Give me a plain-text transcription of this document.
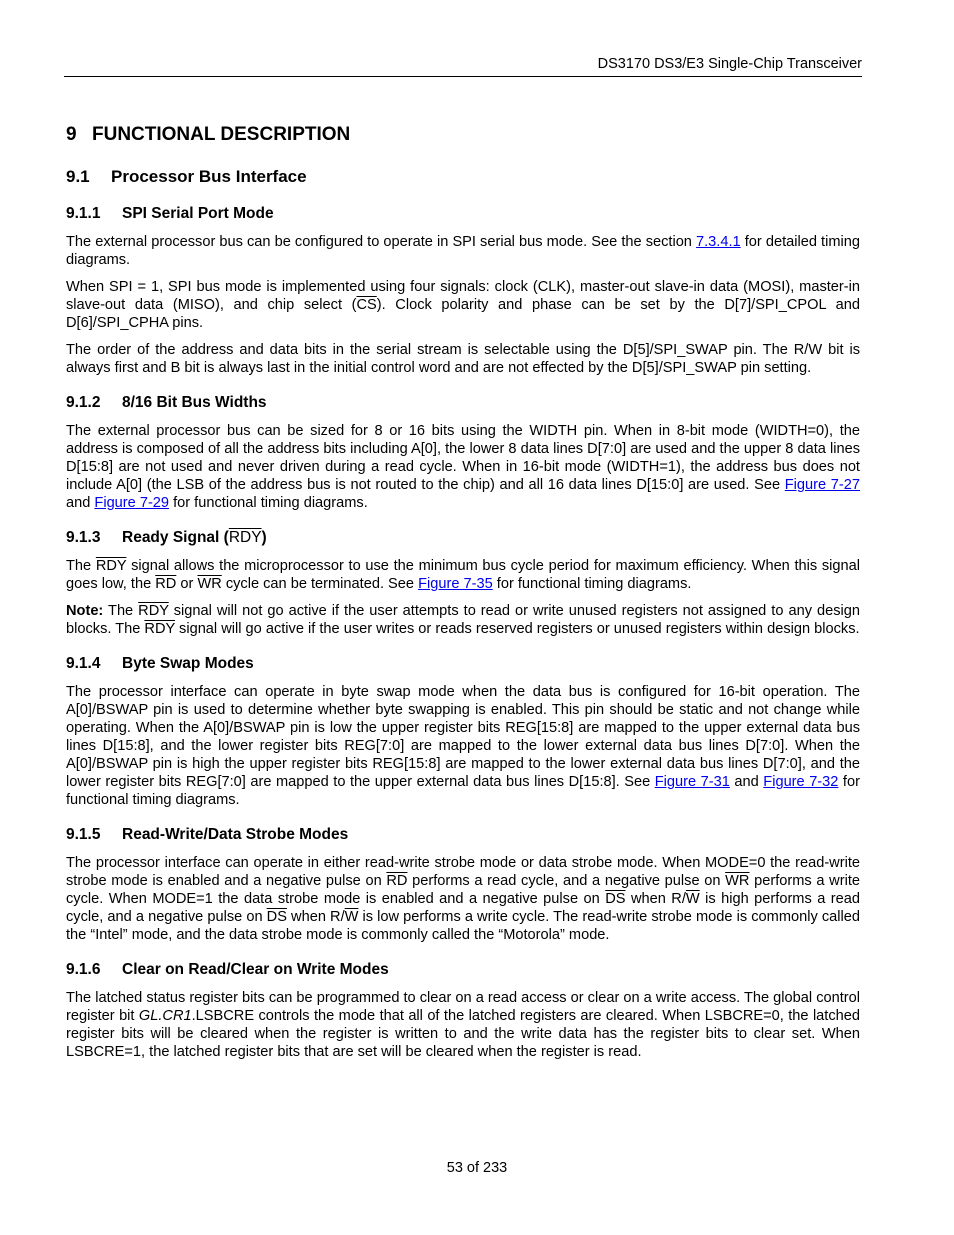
DS3170 DS3/E3 Single-Chip Transceiver
9 FUNCTIONAL DESCRIPTION
9.1 Processor Bus Interface
9.1.1 SPI Serial Port Mode

The external processor bus can be configured to operate in SPI serial bus mode. See the section 7.3.4.1 for detailed timing diagrams.

When SPI = 1, SPI bus mode is implemented using four signals: clock (CLK), master-out slave-in data (MOSI), master-in slave-out data (MISO), and chip select $(\overline{CS})$. Clock polarity and phase can be set by the D[7]/SPI_CPOL and D[6]/SPI_CPHA pins.

The order of the address and data bits in the serial stream is selectable using the D[5]/SPI_SWAP pin. The R/W bit is always first and B bit is always last in the initial control word and are not effected by the D[5]/SPI_SWAP pin setting.

9.1.2 8/16 Bit Bus Widths

The external processor bus can be sized for 8 or 16 bits using the WIDTH pin. When in 8-bit mode (WIDTH=0), the address is composed of all the address bits including A[0], the lower 8 data lines D[7:0] are used and the upper 8 data lines D[15:8] are not used and never driven during a read cycle. When in 16-bit mode (WIDTH=1), the address bus does not include A[0] (the LSB of the address bus is not routed to the chip) and all 16 data lines D[15:0] are used. See Figure 7-27 and Figure 7-29 for functional timing diagrams.

9.1.3 Ready Signal (RDY)

The $\overline{RDY}$ signal allows the microprocessor to use the minimum bus cycle period for maximum efficiency. When this signal goes low, the $\overline{RD}$ or $\overline{WR}$ cycle can be terminated. See Figure 7-35 for functional timing diagrams.

Note: The $\overline{RDY}$ signal will not go active if the user attempts to read or write unused registers not assigned to any design blocks. The $\overline{RDY}$ signal will go active if the user writes or reads reserved registers or unused registers within design blocks.

9.1.4 Byte Swap Modes

The processor interface can operate in byte swap mode when the data bus is configured for 16-bit operation. The A[0]/BSWAP pin is used to determine whether byte swapping is enabled. This pin should be static and not change while operating. When the A[0]/BSWAP pin is low the upper register bits REG[15:8] are mapped to the upper external data bus lines D[15:8], and the lower register bits REG[7:0] are mapped to the lower external data bus lines D[7:0]. When the A[0]/BSWAP pin is high the upper register bits REG[15:8] are mapped to the lower external data bus lines D[7:0], and the lower register bits REG[7:0] are mapped to the upper external data bus lines D[15:8]. See Figure 7-31 and Figure 7-32 for functional timing diagrams.

9.1.5 Read-Write/Data Strobe Modes

The processor interface can operate in either read-write strobe mode or data strobe mode. When MODE=0 the read-write strobe mode is enabled and a negative pulse on $\overline{RD}$ performs a read cycle, and a negative pulse on $\overline{WR}$ performs a write cycle. When MODE=1 the data strobe mode is enabled and a negative pulse on $\overline{DS}$ when $R/\overline{W}$ is high performs a read cycle, and a negative pulse on $\overline{DS}$ when $R/\overline{W}$ is low performs a write cycle. The read-write strobe mode is commonly called the “Intel” mode, and the data strobe mode is commonly called the “Motorola” mode.

9.1.6 Clear on Read/Clear on Write Modes

The latched status register bits can be programmed to clear on a read access or clear on a write access. The global control register bit GL.CR1.LSBCRE controls the mode that all of the latched registers are cleared. When LSBCRE=0, the latched register bits will be cleared when the register is written to and the write data has the register bits to clear set. When LSBCRE=1, the latched register bits that are set will be cleared when the register is read.

53 of 233
